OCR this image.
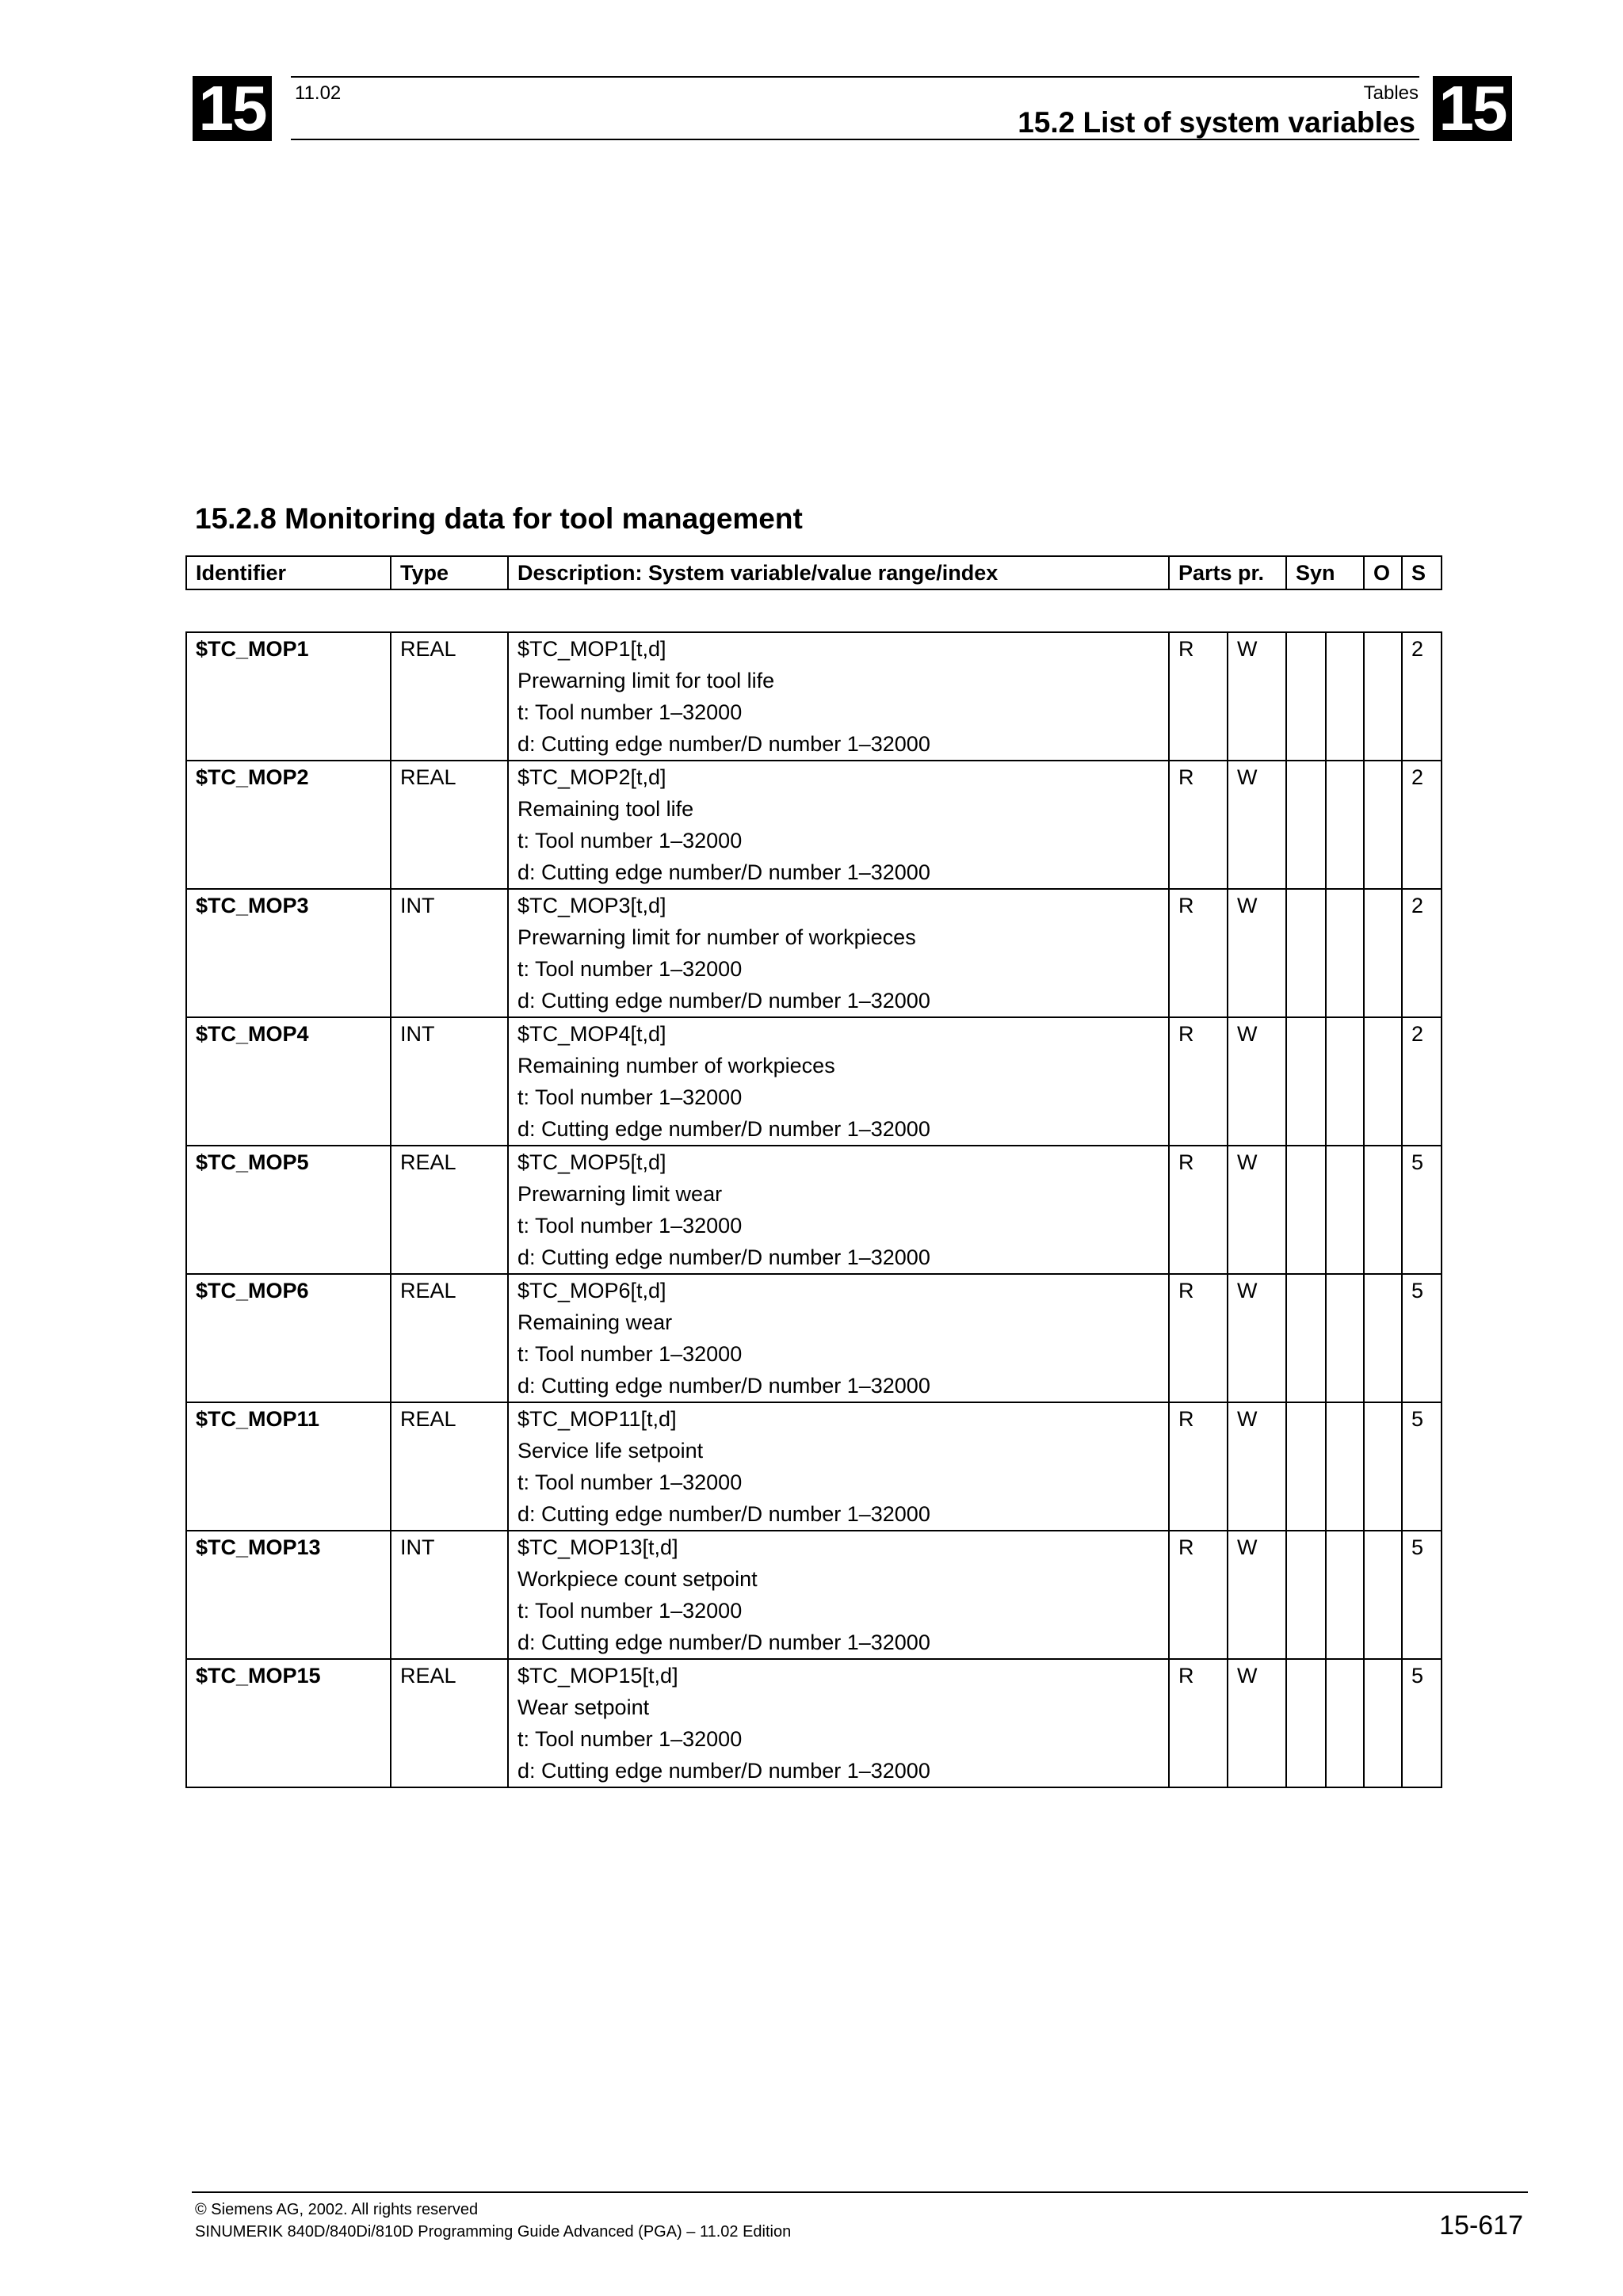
15	15
11.02	Tables
15.2 List of system variables
15.2.8 Monitoring data for tool management
Identifier	Type	Description: System variable/value range/index	Parts pr.	Syn	O	S
$TC_MOP1	REAL	$TC_MOP1[t,d]
Prewarning limit for tool life
t: Tool number 1–32000
d: Cutting edge number/D number 1–32000	R	W				2
$TC_MOP2	REAL	$TC_MOP2[t,d]
Remaining tool life
t: Tool number 1–32000
d: Cutting edge number/D number 1–32000	R	W				2
$TC_MOP3	INT	$TC_MOP3[t,d]
Prewarning limit for number of workpieces
t: Tool number 1–32000
d: Cutting edge number/D number 1–32000	R	W				2
$TC_MOP4	INT	$TC_MOP4[t,d]
Remaining number of workpieces
t: Tool number 1–32000
d: Cutting edge number/D number 1–32000	R	W				2
$TC_MOP5	REAL	$TC_MOP5[t,d]
Prewarning limit wear
t: Tool number 1–32000
d: Cutting edge number/D number 1–32000	R	W				5
$TC_MOP6	REAL	$TC_MOP6[t,d]
Remaining wear
t: Tool number 1–32000
d: Cutting edge number/D number 1–32000	R	W				5
$TC_MOP11	REAL	$TC_MOP11[t,d]
Service life setpoint
t: Tool number 1–32000
d: Cutting edge number/D number 1–32000	R	W				5
$TC_MOP13	INT	$TC_MOP13[t,d]
Workpiece count setpoint
t: Tool number 1–32000
d: Cutting edge number/D number 1–32000	R	W				5
$TC_MOP15	REAL	$TC_MOP15[t,d]
Wear setpoint
t: Tool number 1–32000
d: Cutting edge number/D number 1–32000	R	W				5
© Siemens AG, 2002. All rights reserved
SINUMERIK 840D/840Di/810D Programming Guide Advanced (PGA) – 11.02 Edition	15-617
